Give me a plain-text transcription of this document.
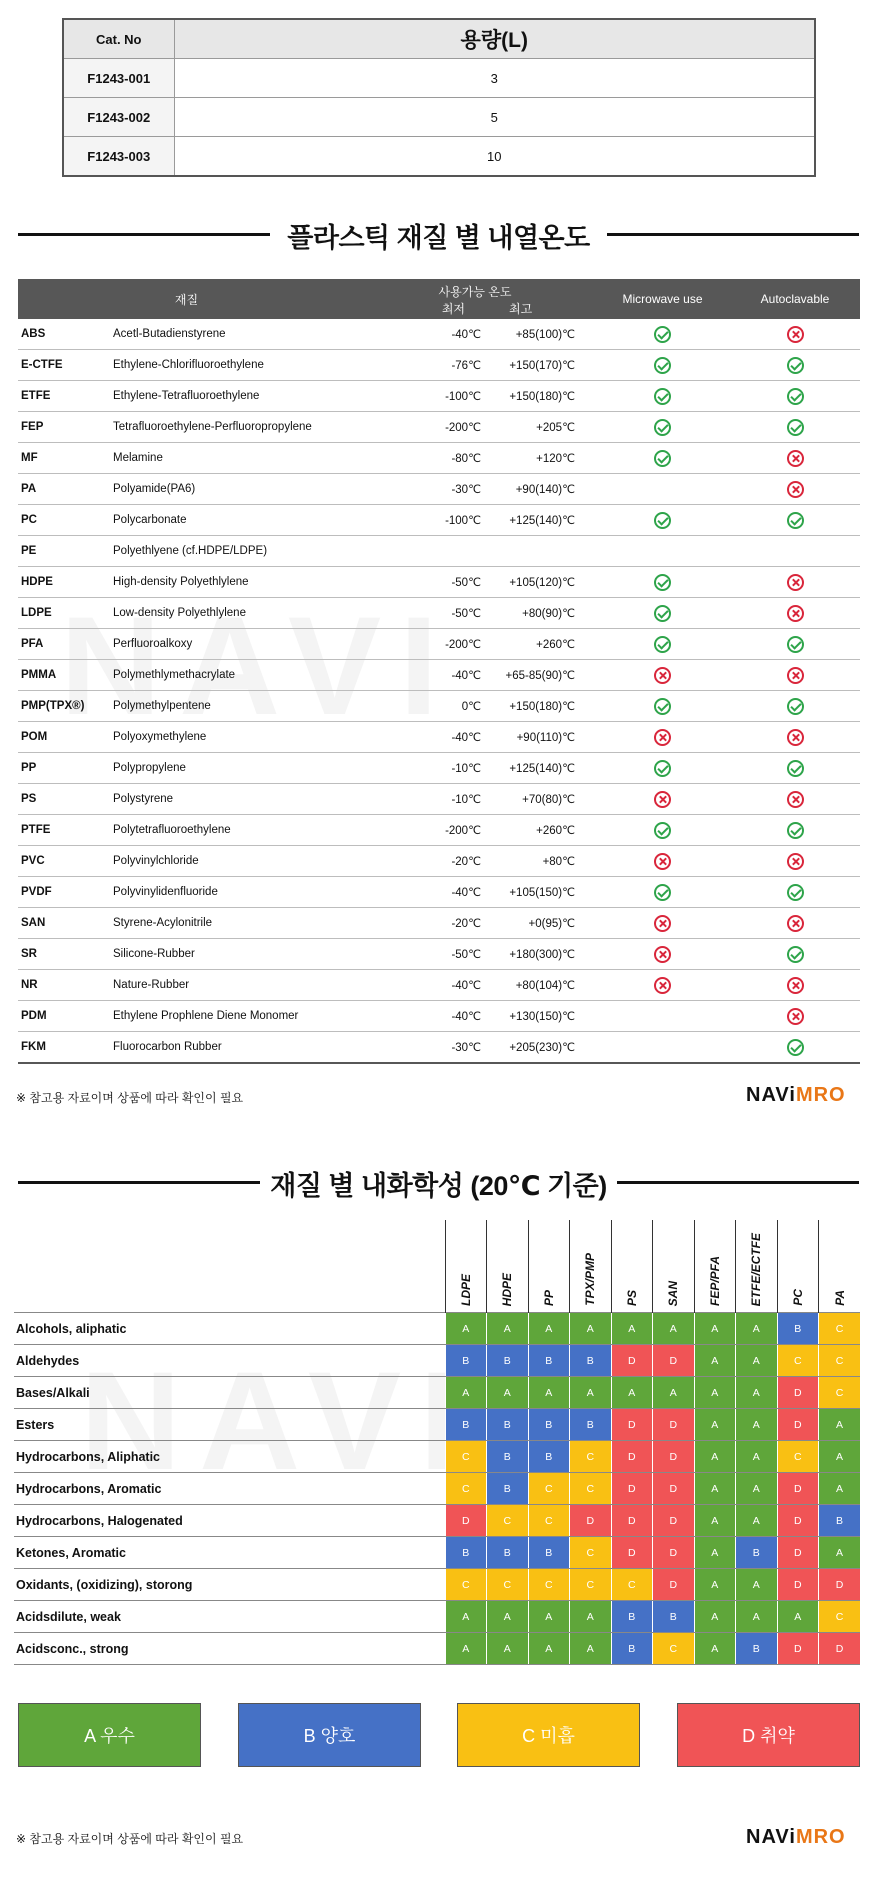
Cat. No	용량(L)
F1243-001	3
F1243-002	5
F1243-003	10
플라스틱 재질 별 내열온도
재질		사용가능 온도
최저 최고		Microwave use	Autoclavable
ABS	Acetl-Butadienstyrene	-40℃	+85(100)℃		
E-CTFE	Ethylene-Chlorifluoroethylene	-76℃	+150(170)℃		
ETFE	Ethylene-Tetrafluoroethylene	-100℃	+150(180)℃		
FEP	Tetrafluoroethylene-Perfluoropropylene	-200℃	+205℃		
MF	Melamine	-80℃	+120℃		
PA	Polyamide(PA6)	-30℃	+90(140)℃		
PC	Polycarbonate	-100℃	+125(140)℃		
PE	Polyethlyene (cf.HDPE/LDPE)				
HDPE	High-density Polyethlylene	-50℃	+105(120)℃		
LDPE	Low-density Polyethlylene	-50℃	+80(90)℃		
PFA	Perfluoroalkoxy	-200℃	+260℃		
PMMA	Polymethlymethacrylate	-40℃	+65-85(90)℃		
PMP(TPX®)	Polymethylpentene	0℃	+150(180)℃		
POM	Polyoxymethylene	-40℃	+90(110)℃		
PP	Polypropylene	-10℃	+125(140)℃		
PS	Polystyrene	-10℃	+70(80)℃		
PTFE	Polytetrafluoroethylene	-200℃	+260℃		
PVC	Polyvinylchloride	-20℃	+80℃		
PVDF	Polyvinylidenfluoride	-40℃	+105(150)℃		
SAN	Styrene-Acylonitrile	-20℃	+0(95)℃		
SR	Silicone-Rubber	-50℃	+180(300)℃		
NR	Nature-Rubber	-40℃	+80(104)℃		
PDM	Ethylene Prophlene Diene Monomer	-40℃	+130(150)℃		
FKM	Fluorocarbon Rubber	-30℃	+205(230)℃		
※ 참고용 자료이며 상품에 따라 확인이 필요	NAViMRO
재질 별 내화학성 (20℃ 기준)

	LDPE	HDPE	PP	TPX/PMP	PS	SAN	FEP/PFA	ETFE/ECTFE	PC	PA

Alcohols, aliphatic	A	A	A	A	A	A	A	A	B	C
Aldehydes	B	B	B	B	D	D	A	A	C	C
Bases/Alkali	A	A	A	A	A	A	A	A	D	C
Esters	B	B	B	B	D	D	A	A	D	A
Hydrocarbons, Aliphatic	C	B	B	C	D	D	A	A	C	A
Hydrocarbons, Aromatic	C	B	C	C	D	D	A	A	D	A
Hydrocarbons, Halogenated	D	C	C	D	D	D	A	A	D	B
Ketones, Aromatic	B	B	B	C	D	D	A	B	D	A
Oxidants, (oxidizing), storong	C	C	C	C	C	D	A	A	D	D
Acidsdilute, weak	A	A	A	A	B	B	A	A	A	C
Acidsconc., strong	A	A	A	A	B	C	A	B	D	D
A 우수	B 양호	C 미흡	D 취약
※ 참고용 자료이며 상품에 따라 확인이 필요	NAViMRO
